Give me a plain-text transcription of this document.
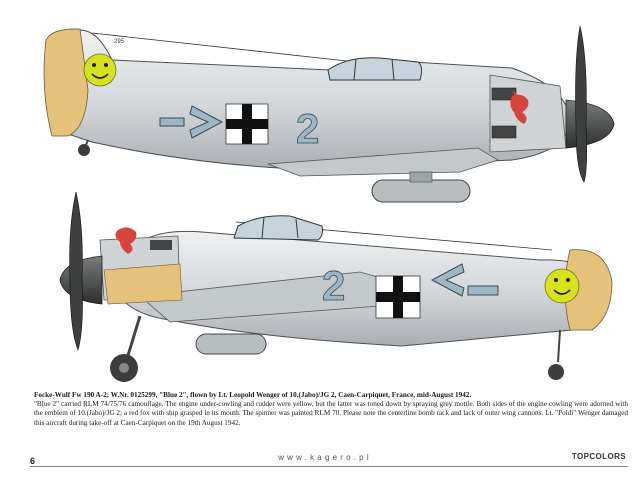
295
2
2
Focke-Wulf Fw 190 A-2; W.Nr. 0125299, "Blue 2", flown by Lt. Leopold Wenger of 10.(Jabo)/JG 2, Caen-Carpiquet, France, mid-August 1942.
"Blue 2" carried RLM 74/75/76 camouflage. The engine under-cowling and rudder were yellow, but the latter was toned down by spraying grey mottle. Both sides of the engine cowling were adorned with the emblem of 10.(Jabo)/JG 2; a red fox with ship grasped in its mouth. The spinner was painted RLM 70. Please note the centerline bomb rack and lack of outer wing cannons. Lt. "Poldi" Wenger damaged this aircraft during take-off at Caen-Carpiquet on the 19th August 1942.
6	www.kagero.pl	TOPCOLORS
